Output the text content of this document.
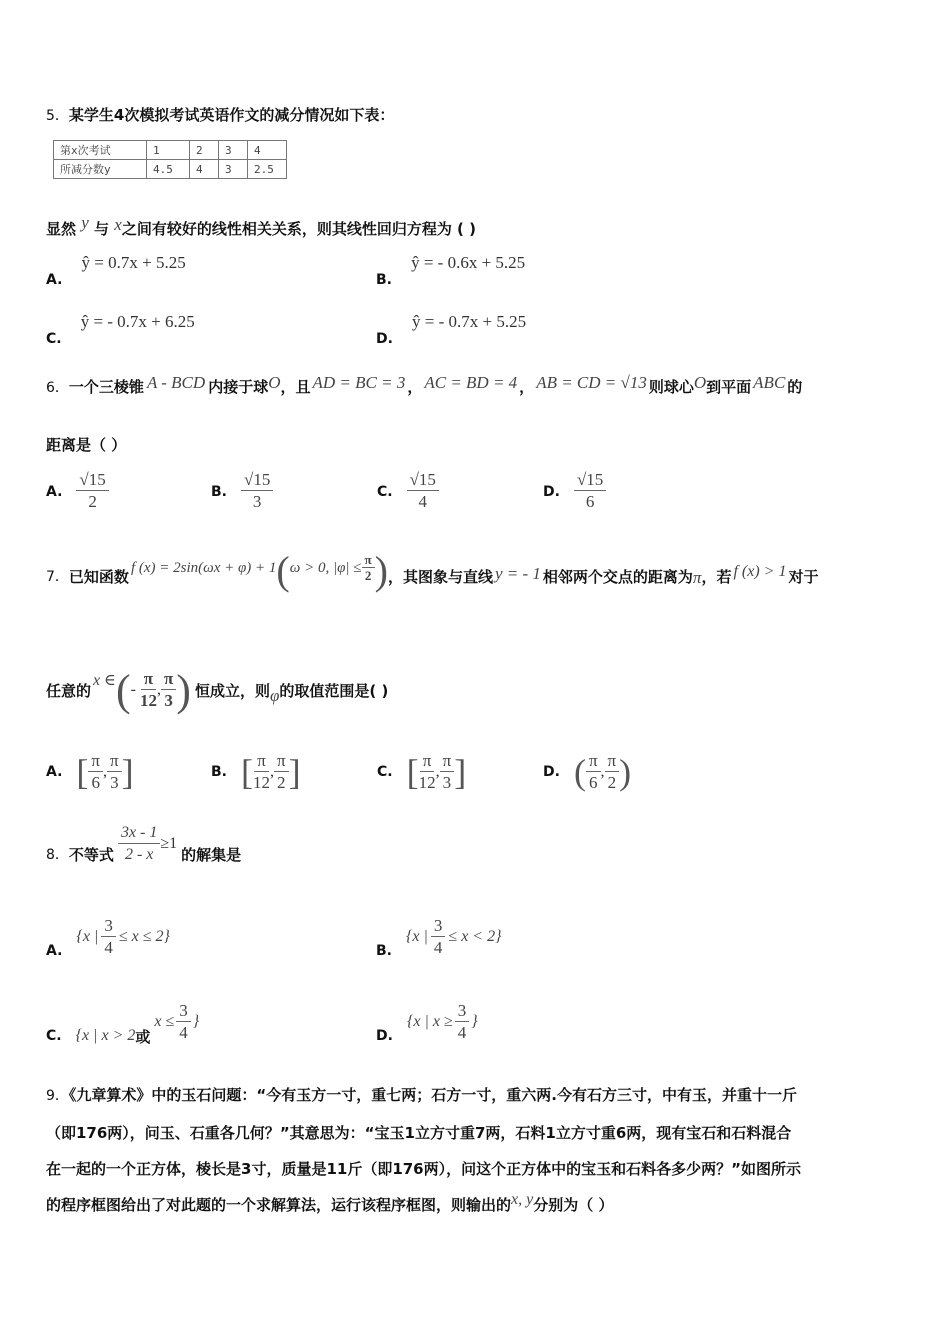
5．某学生4次模拟考试英语作文的减分情况如下表：
第x次考试	1	2	3	4
所减分数y	4.5	4	3	2.5
显然 y 与 x之间有较好的线性相关关系，则其线性回归方程为 ( )
A. ŷ = 0.7x + 5.25
B. ŷ = - 0.6x + 5.25
C. ŷ = - 0.7x + 6.25
D. ŷ = - 0.7x + 5.25
6． 一个三棱锥 A - BCD 内接于球 O ，且 AD = BC = 3 ， AC = BD = 4 ， AB = CD = √13 则球心 O 到平面 ABC 的
距离是（ ）
A. $\frac{√15}{2}$	B. $\frac{√15}{3}$	C. $\frac{√15}{4}$	D. $\frac{√15}{6}$
7． 已知函数 f (x) = 2sin(ωx + φ) + 1 ( ω > 0, $|\varphi| \le \frac{\pi}{2}$ ) ，其图象与直线 y = - 1 相邻两个交点的距离为 π ，若 f (x) > 1 对于
任意的
x ∈ ( - $\frac{\pi}{12}$ , $\frac{\pi}{3}$ ) 恒成立，则 φ 的取值范围是( )
A. [ $\frac{\pi}{6}$ , $\frac{\pi}{3}$ ]	B. [ $\frac{\pi}{12}$ , $\frac{\pi}{2}$ ]	C. [ $\frac{\pi}{12}$ , $\frac{\pi}{3}$ ]	D. ( $\frac{\pi}{6}$ , $\frac{\pi}{2}$ )
8． 不等式 $\frac{3x - 1}{2 - x} \ge 1$
的解集是
A.
{x | $\frac{3}{4} \le x \le 2$}
B.
{x | $\frac{3}{4} \le x < 2$}
C. {x | x > 2 或
$x \le \frac{3}{4}$ }
D.
{x | $x \ge \frac{3}{4}$ }
9．《九章算术》中的玉石问题：“今有玉方一寸，重七两；石方一寸，重六两.今有石方三寸，中有玉，并重十一斤
（即176两），问玉、石重各几何？”其意思为：“宝玉1立方寸重7两，石料1立方寸重6两，现有宝石和石料混合
在一起的一个正方体，棱长是3寸，质量是11斤（即176两），问这个正方体中的宝玉和石料各多少两？”如图所示
的程序框图给出了对此题的一个求解算法，运行该程序框图，则输出的x, y分别为（ ）
